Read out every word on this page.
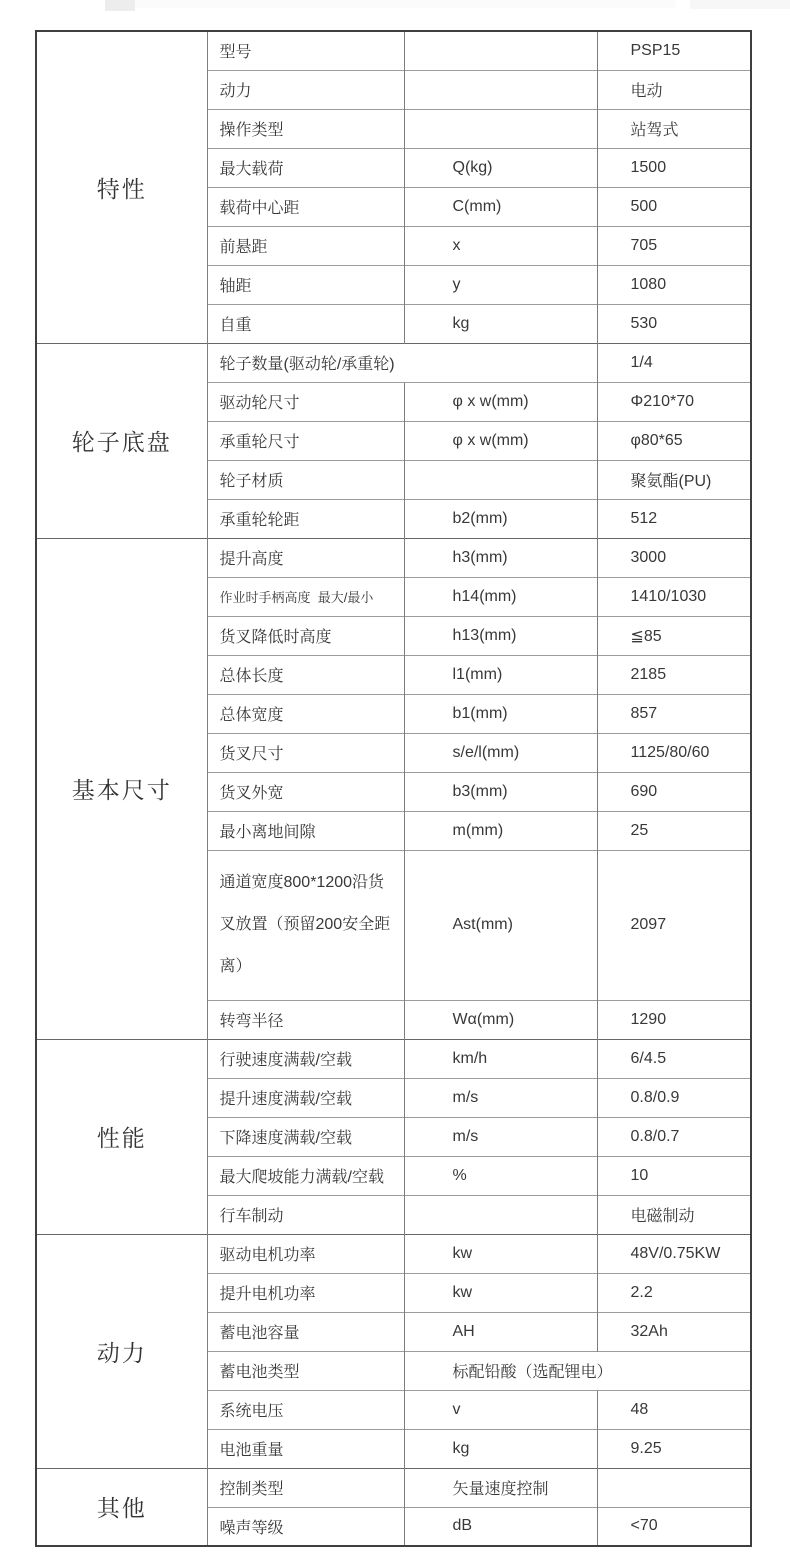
特性	型号		PSP15
	动力		电动
	操作类型		站驾式
	最大载荷	Q(kg)	1500
	载荷中心距	C(mm)	500
	前悬距	x	705
	轴距	y	1080
	自重	kg	530
轮子底盘	轮子数量(驱动轮/承重轮)		1/4
	驱动轮尺寸	φ x w(mm)	Φ210*70
	承重轮尺寸	φ x w(mm)	φ80*65
	轮子材质		聚氨酯(PU)
	承重轮轮距	b2(mm)	512
基本尺寸	提升高度	h3(mm)	3000
	作业时手柄高度  最大/最小	h14(mm)	1410/1030
	货叉降低时高度	h13(mm)	≦85
	总体长度	l1(mm)	2185
	总体宽度	b1(mm)	857
	货叉尺寸	s/e/l(mm)	1125/80/60
	货叉外宽	b3(mm)	690
	最小离地间隙	m(mm)	25
	通道宽度800*1200沿货叉放置（预留200安全距离）	Ast(mm)	2097
	转弯半径	Wα(mm)	1290
性能	行驶速度满载/空载	km/h	6/4.5
	提升速度满载/空载	m/s	0.8/0.9
	下降速度满载/空载	m/s	0.8/0.7
	最大爬坡能力满载/空载	%	10
	行车制动		电磁制动
动力	驱动电机功率	kw	48V/0.75KW
	提升电机功率	kw	2.2
	蓄电池容量	AH	32Ah
	蓄电池类型	标配铅酸（选配锂电）	
	系统电压	v	48
	电池重量	kg	9.25
其他	控制类型	矢量速度控制	
	噪声等级	dB	<70
